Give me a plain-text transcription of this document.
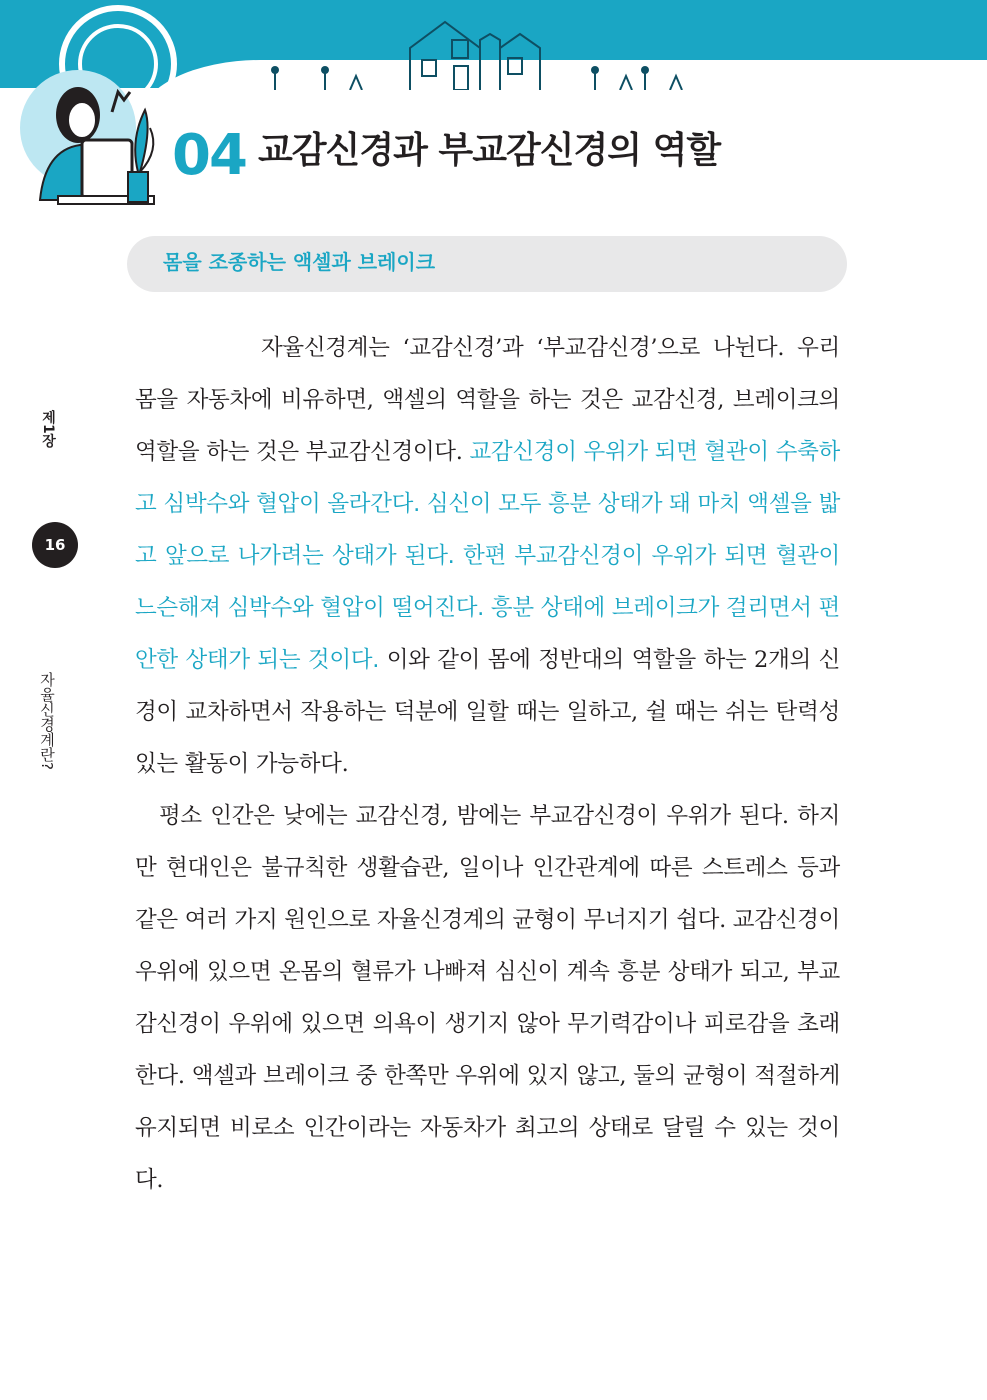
04 교감신경과 부교감신경의 역할
몸을 조종하는 액셀과 브레이크
제1장
16
자율신경계란?

자율신경계는 ‘교감신경’과 ‘부교감신경’으로 나뉜다. 우리 몸을 자동차에 비유하면, 액셀의 역할을 하는 것은 교감신경, 브레이크의 역할을 하는 것은 부교감신경이다. 교감신경이 우위가 되면 혈관이 수축하고 심박수와 혈압이 올라간다. 심신이 모두 흥분 상태가 돼 마치 액셀을 밟고 앞으로 나가려는 상태가 된다. 한편 부교감신경이 우위가 되면 혈관이 느슨해져 심박수와 혈압이 떨어진다. 흥분 상태에 브레이크가 걸리면서 편안한 상태가 되는 것이다. 이와 같이 몸에 정반대의 역할을 하는 2개의 신경이 교차하면서 작용하는 덕분에 일할 때는 일하고, 쉴 때는 쉬는 탄력성 있는 활동이 가능하다.

평소 인간은 낮에는 교감신경, 밤에는 부교감신경이 우위가 된다. 하지만 현대인은 불규칙한 생활습관, 일이나 인간관계에 따른 스트레스 등과 같은 여러 가지 원인으로 자율신경계의 균형이 무너지기 쉽다. 교감신경이 우위에 있으면 온몸의 혈류가 나빠져 심신이 계속 흥분 상태가 되고, 부교감신경이 우위에 있으면 의욕이 생기지 않아 무기력감이나 피로감을 초래한다. 액셀과 브레이크 중 한쪽만 우위에 있지 않고, 둘의 균형이 적절하게 유지되면 비로소 인간이라는 자동차가 최고의 상태로 달릴 수 있는 것이다.
